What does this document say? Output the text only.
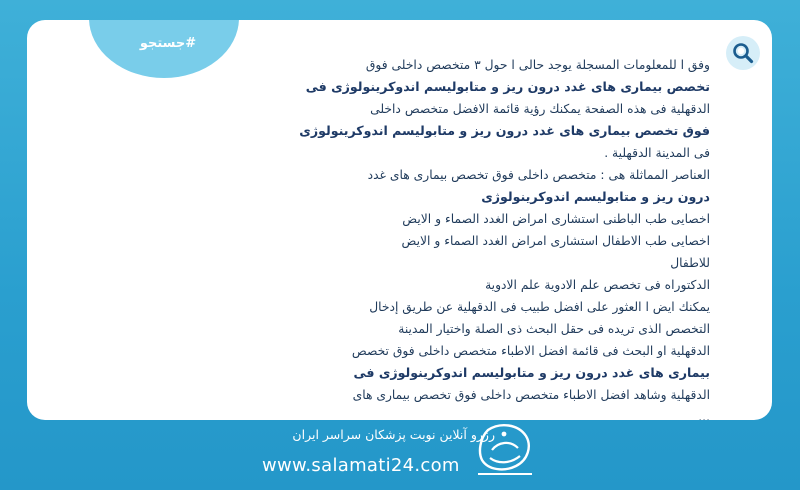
#جستجو
وفق ا للمعلومات المسجلة يوجد حالى ا حول ٣ متخصص داخلى فوق
تخصص بيمارى هاى غدد درون ريز و متابوليسم اندوكرينولوژى فى
الدقهلية فى هذه الصفحة يمكنك رؤية قائمة الافضل متخصص داخلى
فوق تخصص بيمارى هاى غدد درون ريز و متابوليسم اندوكرينولوژى
فى المدينة الدقهلية .
العناصر المماثلة هى : متخصص داخلى فوق تخصص بيمارى هاى غدد
درون ريز و متابوليسم اندوكرينولوژى
اخصايى طب الباطنى استشارى امراض الغدد الصماء و الايض
اخصايى طب الاطفال استشارى امراض الغدد الصماء و الايض
للاطفال
الدكتوراه فى تخصص علم الادوية علم الادوية
يمكنك ايض ا العثور على افضل طبيب فى الدقهلية عن طريق إدخال
التخصص الذى تريده فى حقل البحث ذى الصلة واختيار المدينة
الدقهلية او البحث فى قائمة افضل الاطباء متخصص داخلى فوق تخصص
بيمارى هاى غدد درون ريز و متابوليسم اندوكرينولوژى فى
الدقهلية وشاهد افضل الاطباء متخصص داخلى فوق تخصص بيمارى هاى
...
رزرو آنلاین نوبت پزشکان سراسر ایران
www.salamati24.com
